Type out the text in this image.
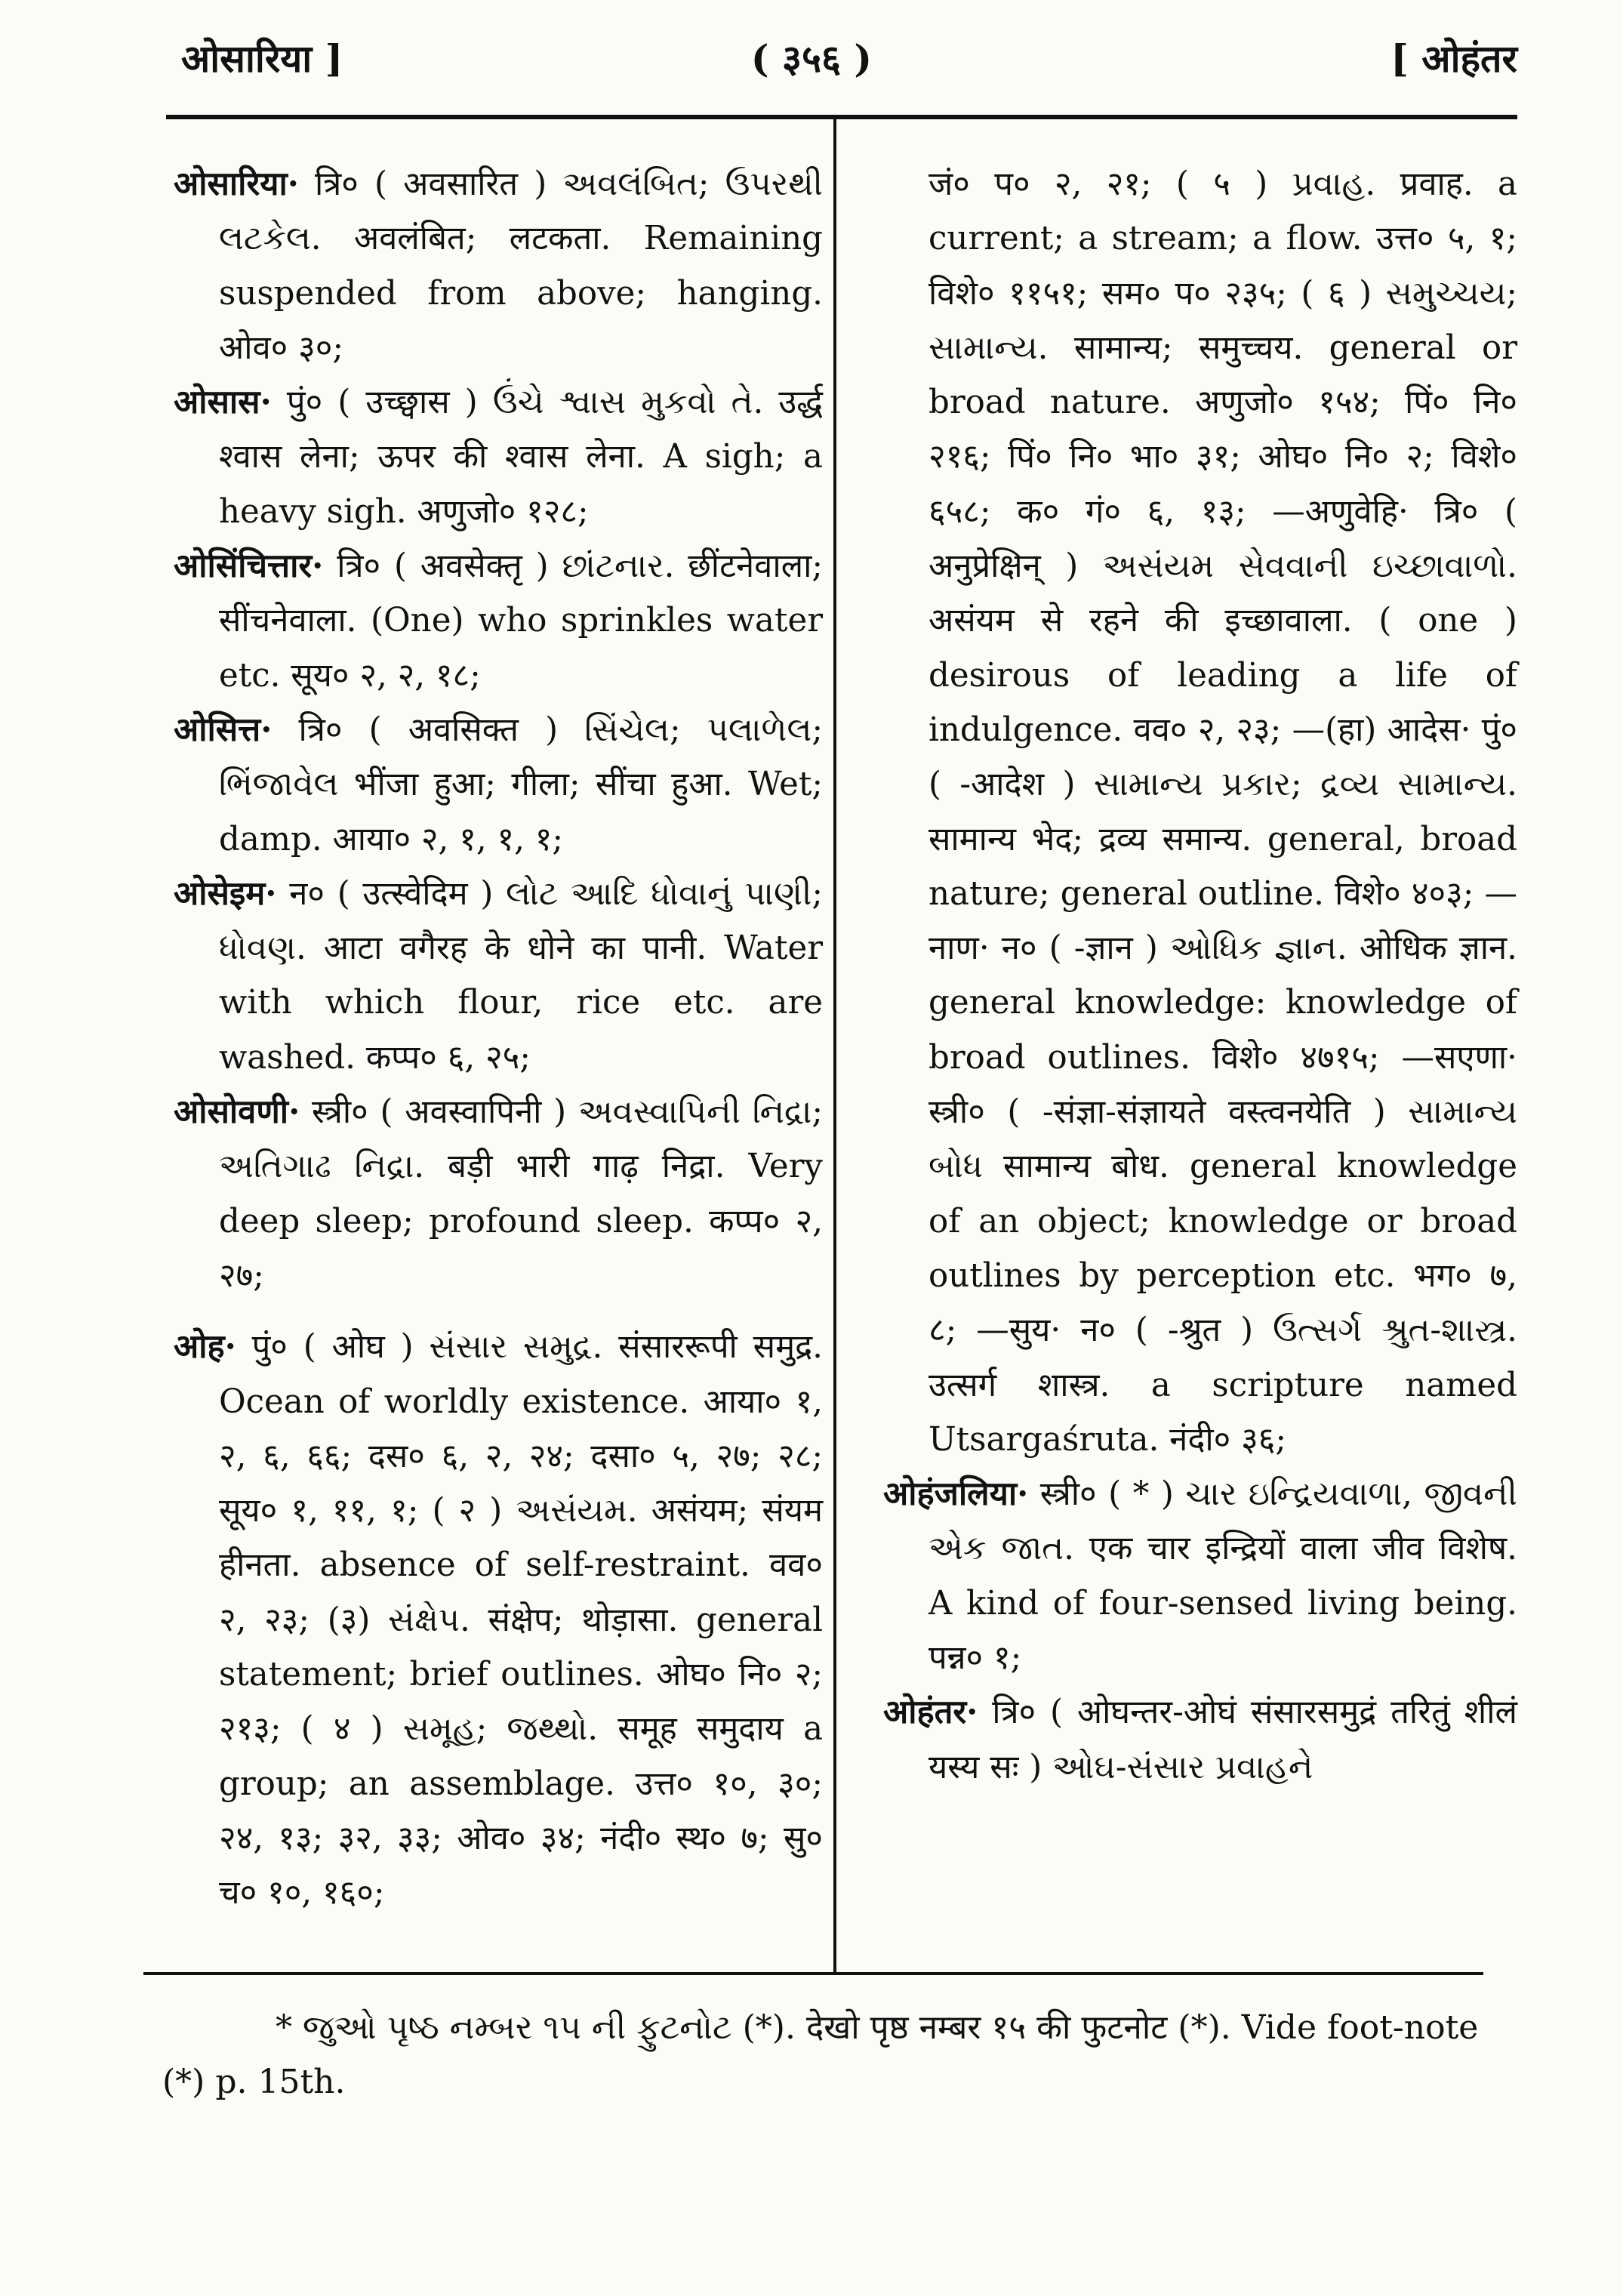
ओसारिया ]	( ३५६ )	[ ओहंतर

ओसारिया· त्रि० ( अवसारित ) અવલંબિત; ઉપરથી લટકેલ. अवलंबित; लटकता. Remaining suspended from above; hanging. ओव० ३०;

ओसास· पुं० ( उच्छ्वास ) ઉંચે શ્વાસ મુકવો તે. उर्द्ध श्वास लेना; ऊपर की श्वास लेना. A sigh; a heavy sigh. अणुजो० १२८;

ओसिंचित्तार· त्रि० ( अवसेक्तृ ) છાંટનાર. छींटनेवाला; सींचनेवाला. (One) who sprinkles water etc. सूय० २, २, १८;

ओसित्त· त्रि० ( अवसिक्त ) સિંચેલ; પલાળેલ; ભિંજાવેલ भींजा हुआ; गीला; सींचा हुआ. Wet; damp. आया० २, १, १, १;

ओसेइम· न० ( उत्स्वेदिम ) લોટ આદિ ધોવાનું પાણી; ધોવણ. आटा वगैरह के धोने का पानी. Water with which flour, rice etc. are washed. कप्प० ६, २५;

ओसोवणी· स्त्री० ( अवस्वापिनी ) અવસ્વાપિની નિદ્રા; અતિગાઢ નિદ્રા. बड़ी भारी गाढ़ निद्रा. Very deep sleep; profound sleep. कप्प० २, २७;

ओह· पुं० ( ओघ ) સંસાર સમુદ્ર. संसाररूपी समुद्र. Ocean of worldly existence. आया० १, २, ६, ६६; दस० ६, २, २४; दसा० ५, २७; २८; सूय० १, ११, १; ( २ ) અસંયમ. असंयम; संयम हीनता. absence of self-restraint. वव० २, २३; (३) સંક્ષેપ. संक्षेप; थोड़ासा. general statement; brief outlines. ओघ० नि० २; २१३; ( ४ ) સમૂહ; જથ્થો. समूह समुदाय a group; an assemblage. उत्त० १०, ३०; २४, १३; ३२, ३३; ओव० ३४; नंदी० स्थ० ७; सु० च० १०, १६०;

जं० प० २, २१; ( ५ ) પ્રવાહ. प्रवाह. a current; a stream; a flow. उत्त० ५, १; विशे० ११५१; सम० प० २३५; ( ६ ) સમુચ્ચય; સામાન્ય. सामान्य; समुच्चय. general or broad nature. अणुजो० १५४; पिं० नि० २१६; पिं० नि० भा० ३१; ओघ० नि० २; विशे० ६५८; क० गं० ६, १३; —अणुवेहि· त्रि० ( अनुप्रेक्षिन् ) અસંયમ સેવવાની ઇચ્છાવાળો. असंयम से रहने की इच्छावाला. ( one ) desirous of leading a life of indulgence. वव० २, २३; —(हा) आदेस· पुं० ( -आदेश ) સામાન્ય પ્રકાર; દ્રવ્ય સામાન્ય. सामान्य भेद; द्रव्य समान्य. general, broad nature; general outline. विशे० ४०३; —नाण· न० ( -ज्ञान ) ઓધિક જ્ઞાન. ओधिक ज्ञान. general knowledge: knowledge of broad outlines. विशे० ४७१५; —सएणा· स्त्री० ( -संज्ञा-संज्ञायते वस्त्वनयेति ) સામાન્ય બોધ सामान्य बोध. general knowledge of an object; knowledge or broad outlines by perception etc. भग० ७, ८; —सुय· न० ( -श्रुत ) ઉત્સર્ગ શ્રુત-શાસ્ત્ર. उत्सर्ग शास्त्र. a scripture named Utsargaśruta. नंदी० ३६;

ओहंजलिया· स्त्री० ( * ) ચાર ઇન્દ્રિયવાળા, જીવની એક જાત. एक चार इन्द्रियों वाला जीव विशेष. A kind of four-sensed living being. पन्न० १;

ओहंतर· त्रि० ( ओघन्तर-ओघं संसारसमुद्रं तरितुं शीलं यस्य सः ) ઓઘ-સંસાર પ્રવાહને

* જુઓ પૃષ્ઠ નમ્બર ૧૫ ની ફુટનોટ (*). देखो पृष्ठ नम्बर १५ की फुटनोट (*). Vide foot-note (*) p. 15th.
